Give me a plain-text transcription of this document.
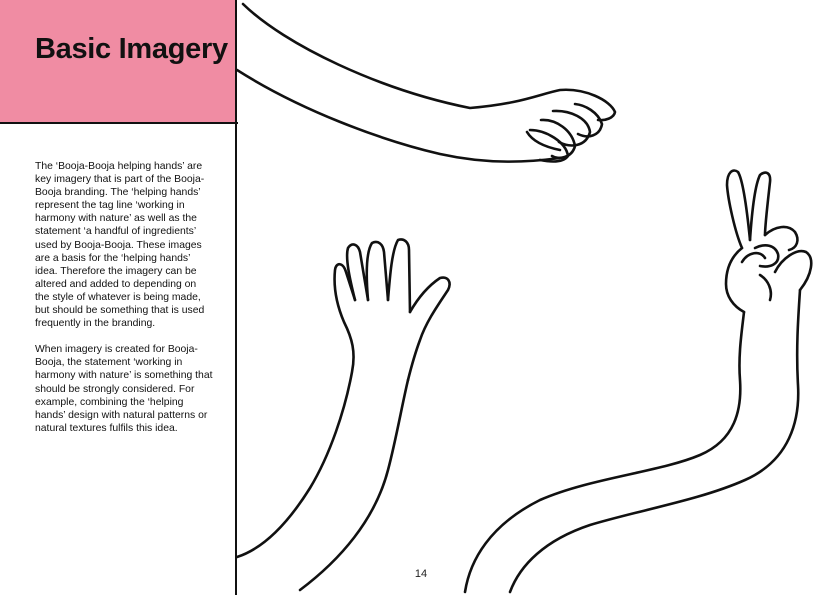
Basic Imagery

The ‘Booja-Booja helping hands’ are key imagery that is part of the Booja-Booja branding. The ‘helping hands’ represent the tag line ‘working in harmony with nature’ as well as the statement ‘a handful of ingredients’ used by Booja-Booja. These images are a basis for the ‘helping hands’ idea. Therefore the imagery can be altered and added to depending on the style of whatever is being made, but should be something that is used frequently in the branding.

When imagery is created for Booja-Booja, the statement ‘working in harmony with nature’ is something that should be strongly considered. For example, combining the ‘helping hands’ design with natural patterns or natural textures fulfils this idea.

14
